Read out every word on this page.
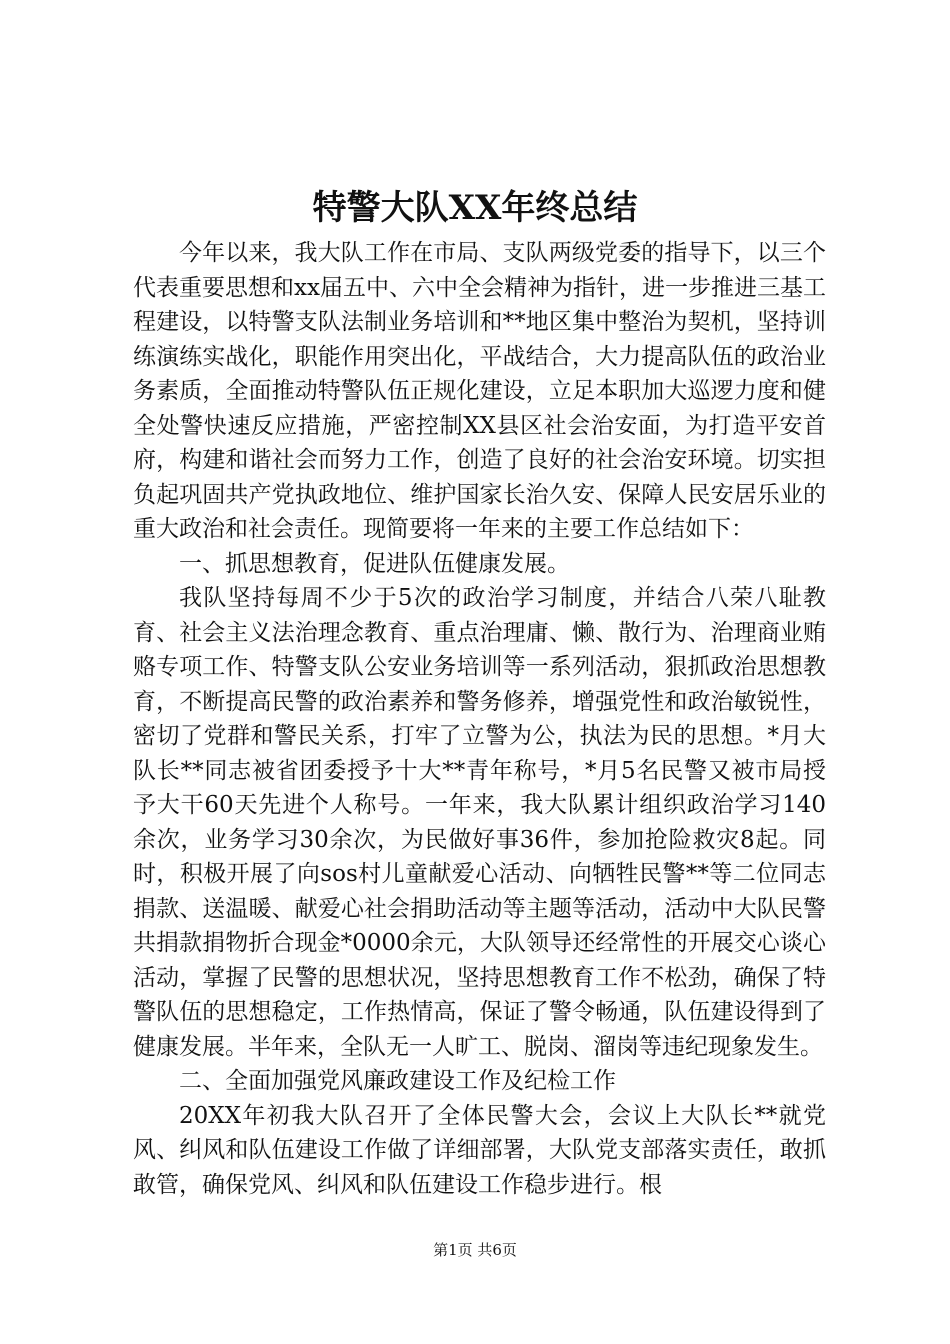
特警大队XX年终总结

今年以来，我大队工作在市局、支队两级党委的指导下，以三个代表重要思想和xx届五中、六中全会精神为指针，进一步推进三基工程建设，以特警支队法制业务培训和**地区集中整治为契机，坚持训练演练实战化，职能作用突出化，平战结合，大力提高队伍的政治业务素质，全面推动特警队伍正规化建设，立足本职加大巡逻力度和健全处警快速反应措施，严密控制XX县区社会治安面，为打造平安首府，构建和谐社会而努力工作，创造了良好的社会治安环境。切实担负起巩固共产党执政地位、维护国家长治久安、保障人民安居乐业的重大政治和社会责任。现简要将一年来的主要工作总结如下：

一、抓思想教育，促进队伍健康发展。

我队坚持每周不少于5次的政治学习制度，并结合八荣八耻教育、社会主义法治理念教育、重点治理庸、懒、散行为、治理商业贿赂专项工作、特警支队公安业务培训等一系列活动，狠抓政治思想教育，不断提高民警的政治素养和警务修养，增强党性和政治敏锐性，密切了党群和警民关系，打牢了立警为公，执法为民的思想。*月大队长**同志被省团委授予十大**青年称号，*月5名民警又被市局授予大干60天先进个人称号。一年来，我大队累计组织政治学习140余次，业务学习30余次，为民做好事36件，参加抢险救灾8起。同时，积极开展了向sos村儿童献爱心活动、向牺牲民警**等二位同志捐款、送温暖、献爱心社会捐助活动等主题等活动，活动中大队民警共捐款捐物折合现金*0000余元，大队领导还经常性的开展交心谈心活动，掌握了民警的思想状况，坚持思想教育工作不松劲，确保了特警队伍的思想稳定，工作热情高，保证了警令畅通，队伍建设得到了健康发展。半年来，全队无一人旷工、脱岗、溜岗等违纪现象发生。

二、全面加强党风廉政建设工作及纪检工作

20XX年初我大队召开了全体民警大会，会议上大队长**就党风、纠风和队伍建设工作做了详细部署，大队党支部落实责任，敢抓敢管，确保党风、纠风和队伍建设工作稳步进行。根

第1页 共6页
